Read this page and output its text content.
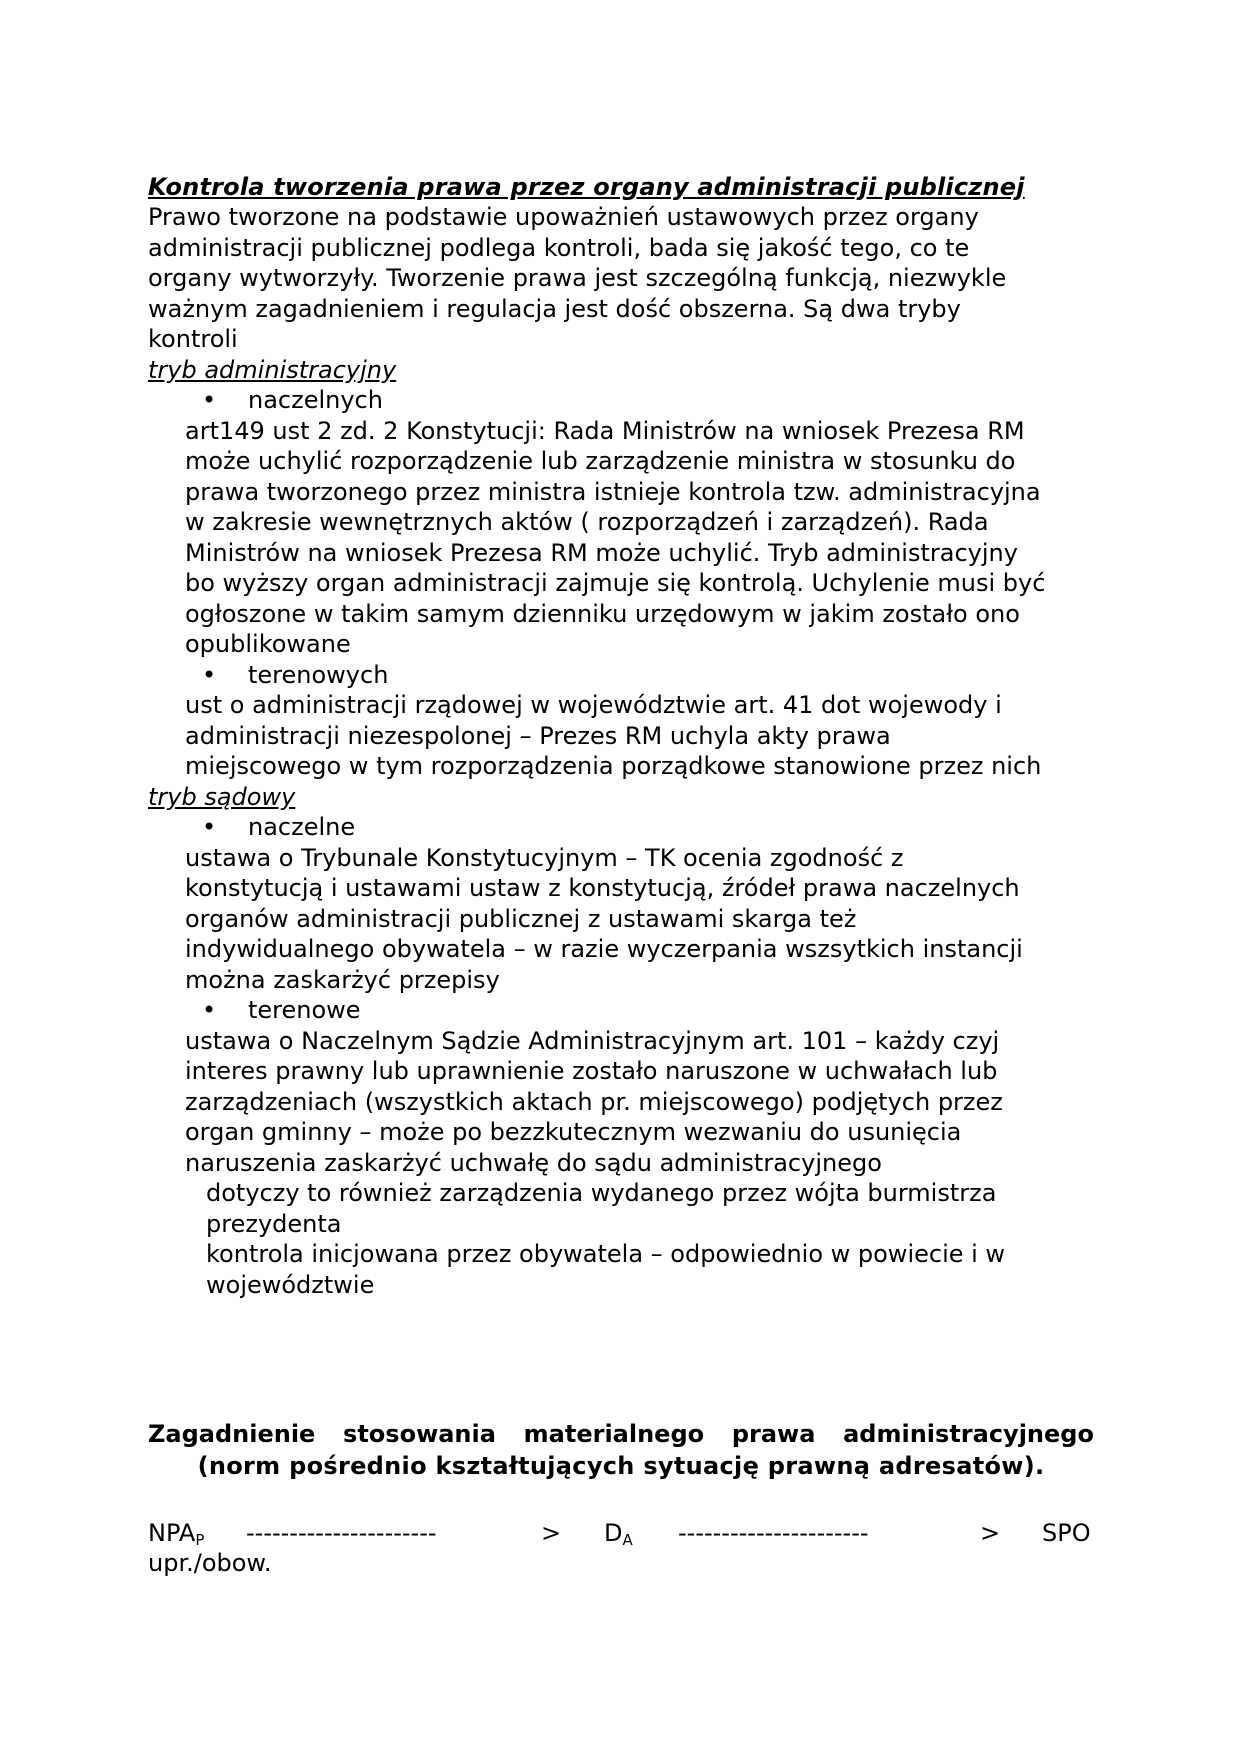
Kontrola tworzenia prawa przez organy administracji publicznej

Prawo tworzone na podstawie upoważnień ustawowych przez organy
administracji publicznej podlega kontroli, bada się jakość tego, co te
organy wytworzyły. Tworzenie prawa jest szczególną funkcją, niezwykle
ważnym zagadnieniem i regulacja jest dość obszerna. Są dwa tryby
kontroli
tryb administracyjny
• naczelnych
art149 ust 2 zd. 2 Konstytucji: Rada Ministrów na wniosek Prezesa RM
może uchylić rozporządzenie lub zarządzenie ministra w stosunku do
prawa tworzonego przez ministra istnieje kontrola tzw. administracyjna
w zakresie wewnętrznych aktów ( rozporządzeń i zarządzeń). Rada
Ministrów na wniosek Prezesa RM może uchylić. Tryb administracyjny
bo wyższy organ administracji zajmuje się kontrolą. Uchylenie musi być
ogłoszone w takim samym dzienniku urzędowym w jakim zostało ono
opublikowane
• terenowych
ust o administracji rządowej w województwie art. 41 dot wojewody i
administracji niezespolonej – Prezes RM uchyla akty prawa
miejscowego w tym rozporządzenia porządkowe stanowione przez nich
tryb sądowy
• naczelne
ustawa o Trybunale Konstytucyjnym – TK ocenia zgodność z
konstytucją i ustawami ustaw z konstytucją, źródeł prawa naczelnych
organów administracji publicznej z ustawami skarga też
indywidualnego obywatela – w razie wyczerpania wszsytkich instancji
można zaskarżyć przepisy
• terenowe
ustawa o Naczelnym Sądzie Administracyjnym art. 101 – każdy czyj
interes prawny lub uprawnienie zostało naruszone w uchwałach lub
zarządzeniach (wszystkich aktach pr. miejscowego) podjętych przez
organ gminny – może po bezzkutecznym wezwaniu do usunięcia
naruszenia zaskarżyć uchwałę do sądu administracyjnego
dotyczy to również zarządzenia wydanego przez wójta burmistrza
prezydenta
kontrola inicjowana przez obywatela – odpowiednio w powiecie i w
województwie
Zagadnienie stosowania materialnego prawa administracyjnego
(norm pośrednio kształtujących sytuację prawną adresatów).
$NPA_P$ ----------------------	> $D_A$ ----------------------	> SPO
upr./obow.
